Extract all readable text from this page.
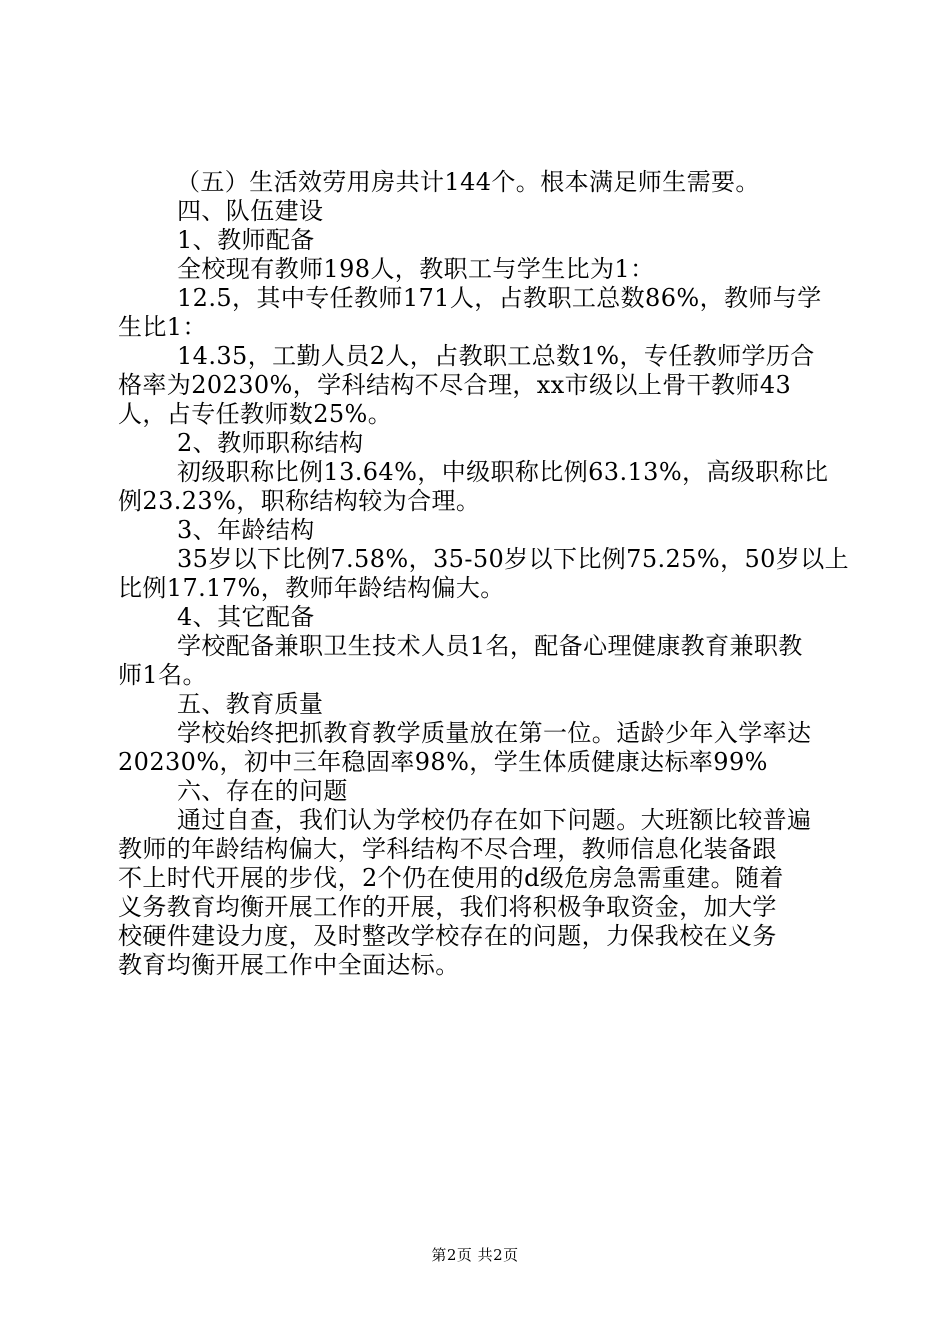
（五）生活效劳用房共计144个。根本满足师生需要。
四、队伍建设
1、教师配备
全校现有教师198人，教职工与学生比为1：
12.5，其中专任教师171人，占教职工总数86%，教师与学
生比1：
14.35，工勤人员2人，占教职工总数1%，专任教师学历合
格率为20230%，学科结构不尽合理，xx市级以上骨干教师43
人，占专任教师数25%。
2、教师职称结构
初级职称比例13.64%，中级职称比例63.13%，高级职称比
例23.23%，职称结构较为合理。
3、年龄结构
35岁以下比例7.58%，35-50岁以下比例75.25%，50岁以上
比例17.17%，教师年龄结构偏大。
4、其它配备
学校配备兼职卫生技术人员1名，配备心理健康教育兼职教
师1名。
五、教育质量
学校始终把抓教育教学质量放在第一位。适龄少年入学率达
20230%，初中三年稳固率98%，学生体质健康达标率99%
六、存在的问题
通过自查，我们认为学校仍存在如下问题。大班额比较普遍
教师的年龄结构偏大，学科结构不尽合理，教师信息化装备跟
不上时代开展的步伐，2个仍在使用的d级危房急需重建。随着
义务教育均衡开展工作的开展，我们将积极争取资金，加大学
校硬件建设力度，及时整改学校存在的问题，力保我校在义务
教育均衡开展工作中全面达标。
第2页 共2页
